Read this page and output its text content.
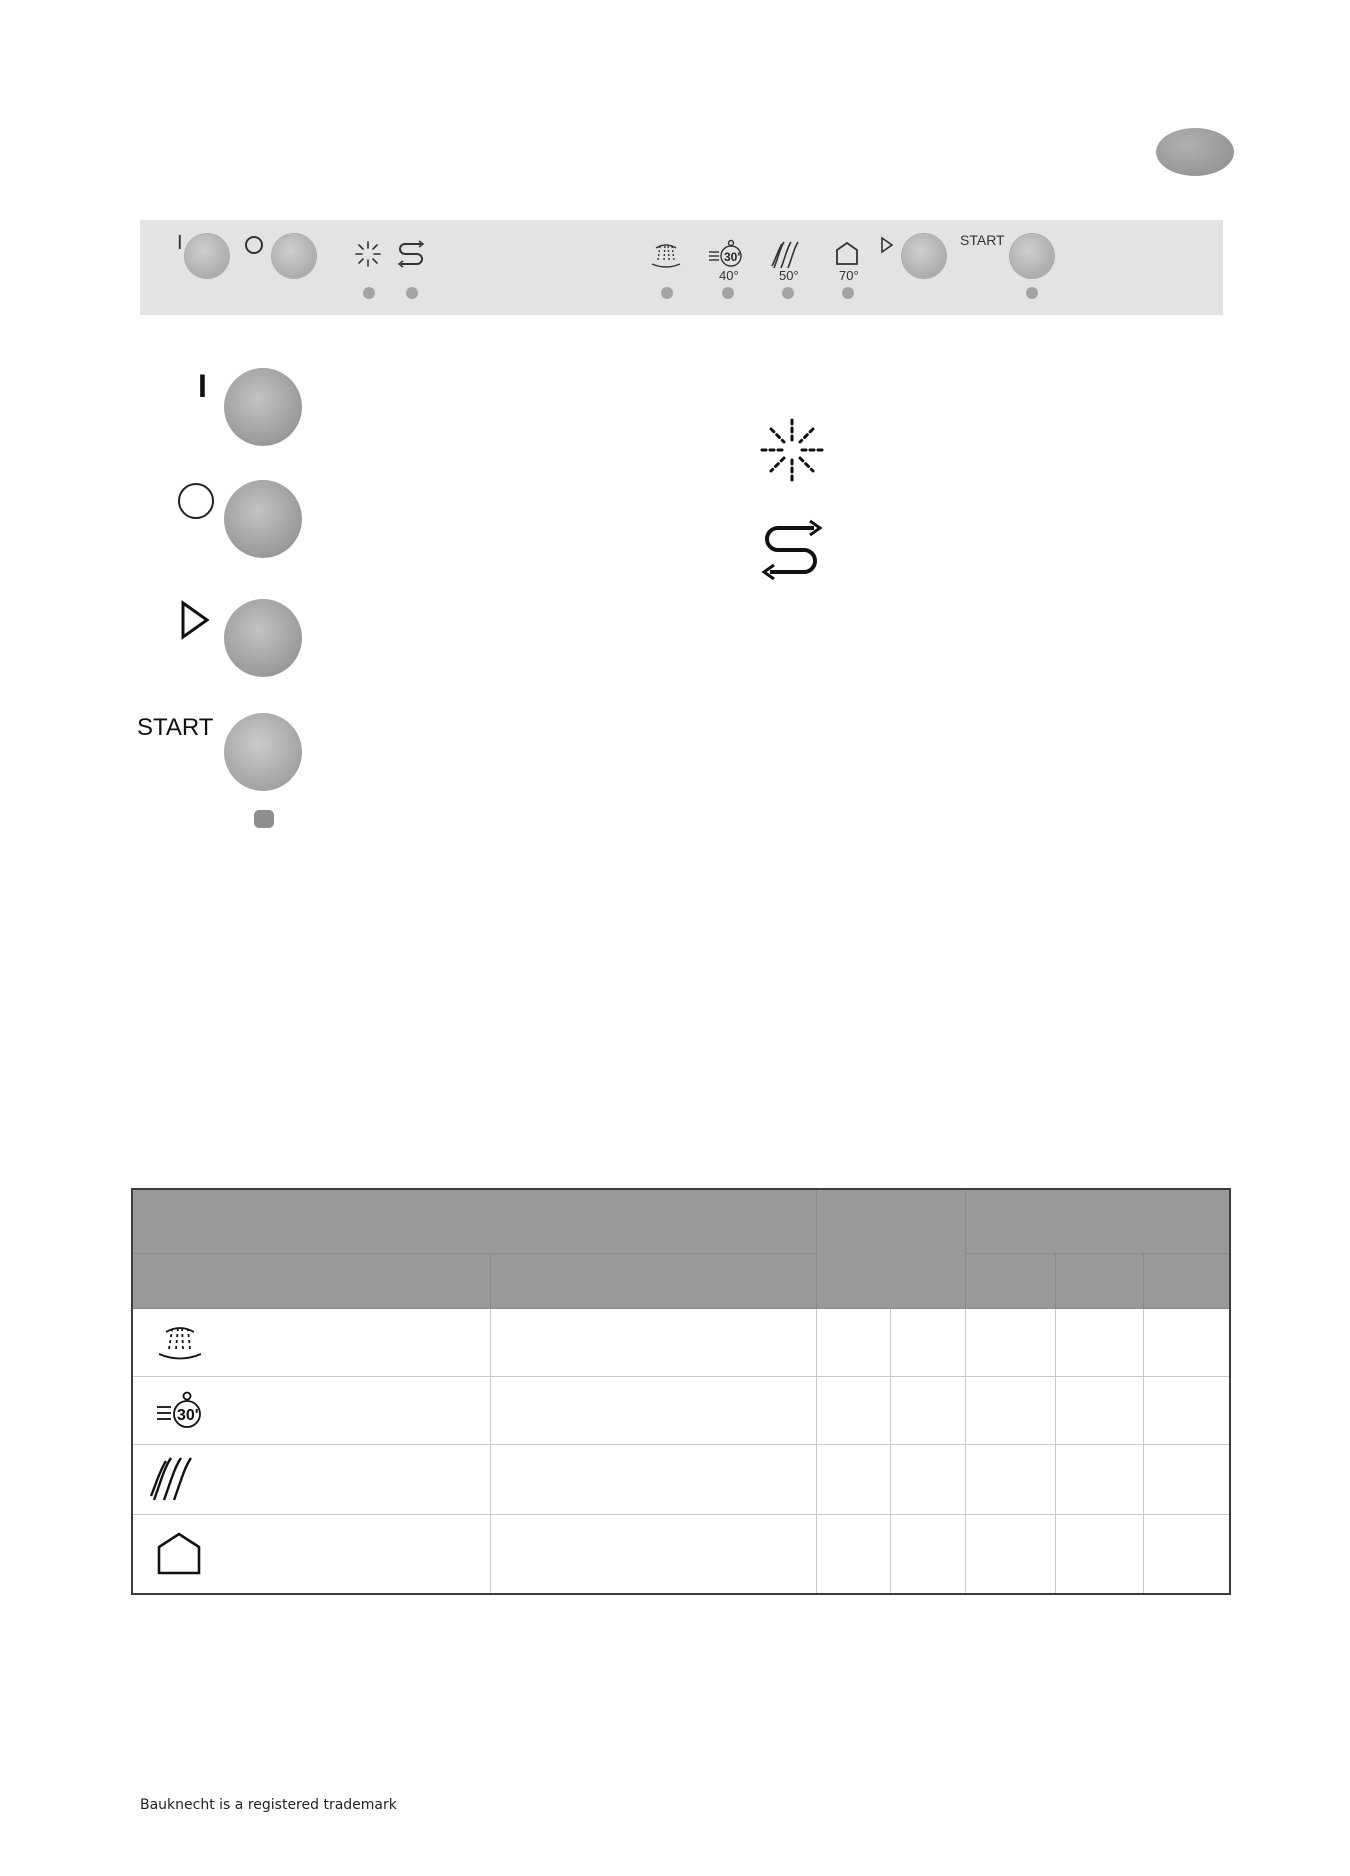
I
30'
40°	50°	70°
START
I
START

30'						

Bauknecht is a registered trademark
